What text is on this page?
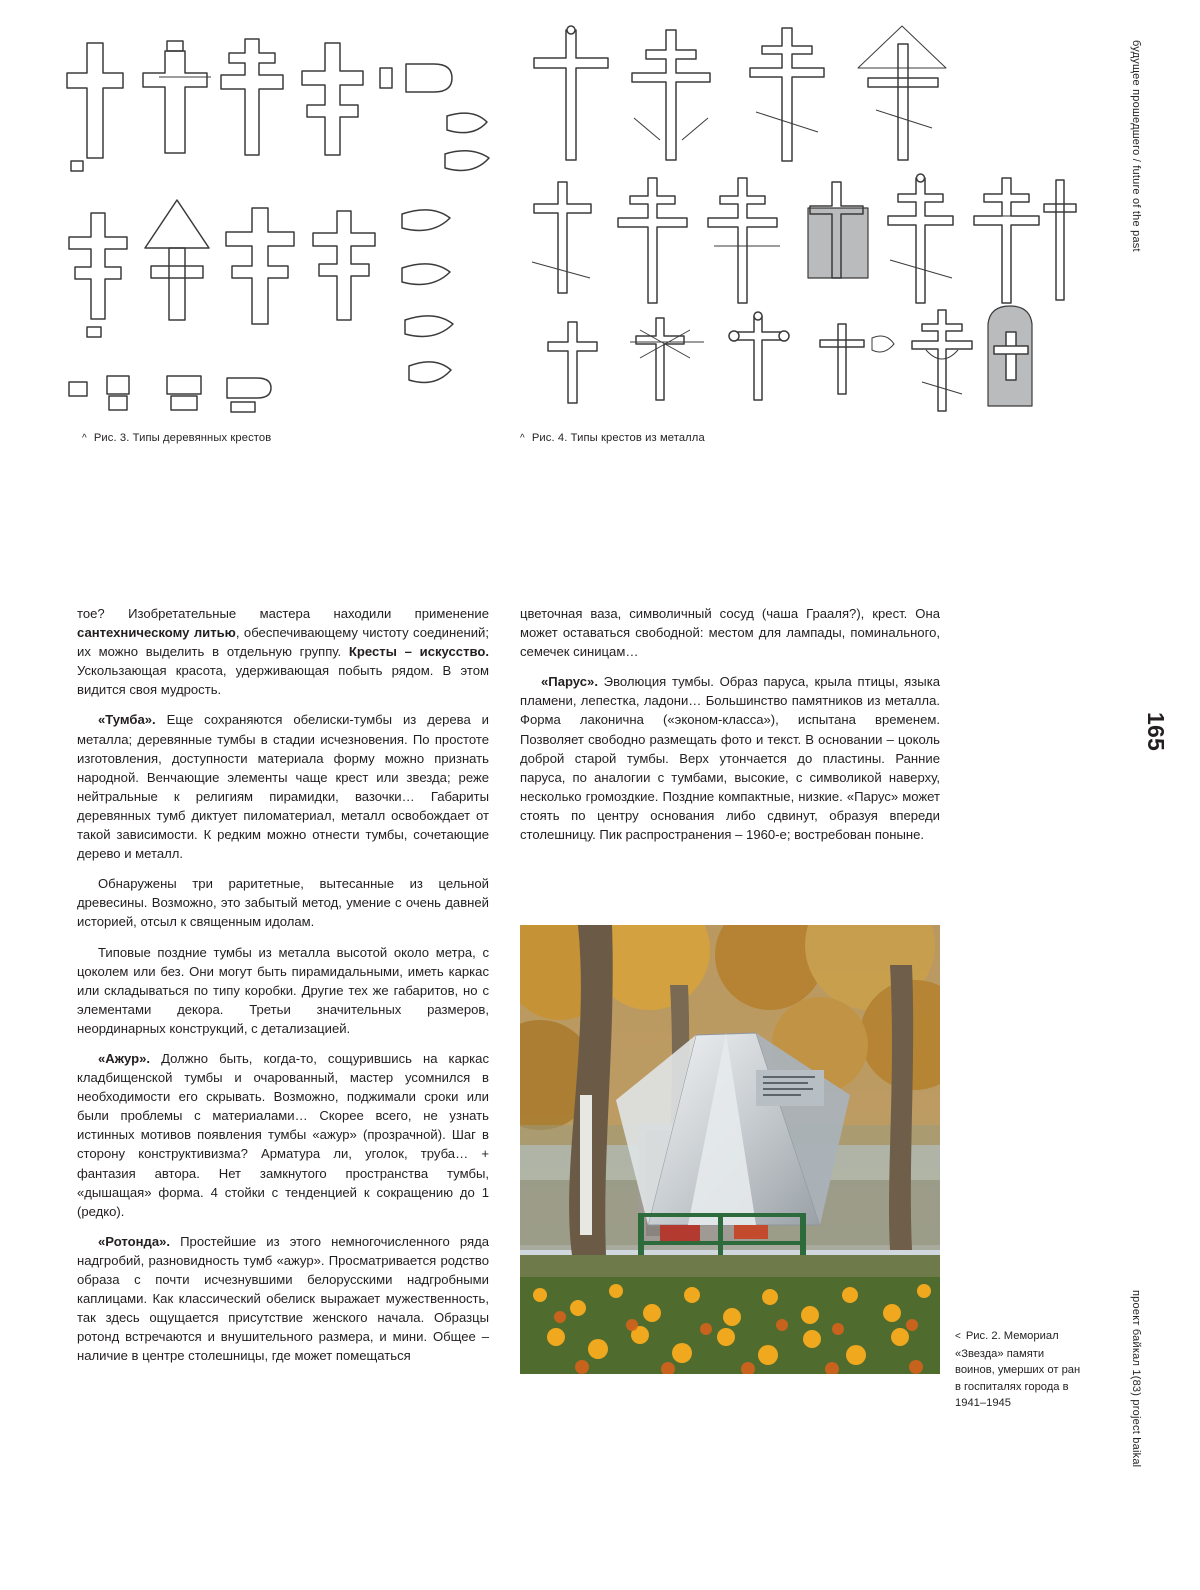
^ Рис. 3. Типы деревянных крестов	^ Рис. 4. Типы крестов из металла

тое? Изобретательные мастера находили применение сантехническому литью, обеспечивающему чистоту соединений; их можно выделить в отдельную группу. Кресты – искусство. Ускользающая красота, удерживающая побыть рядом. В этом видится своя мудрость.

«Тумба». Еще сохраняются обелиски-тумбы из дерева и металла; деревянные тумбы в стадии исчезновения. По простоте изготовления, доступности материала форму можно признать народной. Венчающие элементы чаще крест или звезда; реже нейтральные к религиям пирамидки, вазочки… Габариты деревянных тумб диктует пиломатериал, металл освобождает от такой зависимости. К редким можно отнести тумбы, сочетающие дерево и металл.

Обнаружены три раритетные, вытесанные из цельной древесины. Возможно, это забытый метод, умение с очень давней историей, отсыл к священным идолам.

Типовые поздние тумбы из металла высотой около метра, с цоколем или без. Они могут быть пирамидальными, иметь каркас или складываться по типу коробки. Другие тех же габаритов, но с элементами декора. Третьи значительных размеров, неординарных конструкций, с детализацией.

«Ажур». Должно быть, когда-то, сощурившись на каркас кладбищенской тумбы и очарованный, мастер усомнился в необходимости его скрывать. Возможно, поджимали сроки или были проблемы с материалами… Скорее всего, не узнать истинных мотивов появления тумбы «ажур» (прозрачной). Шаг в сторону конструктивизма? Арматура ли, уголок, труба… + фантазия автора. Нет замкнутого пространства тумбы, «дышащая» форма. 4 стойки с тенденцией к сокращению до 1 (редко).

«Ротонда». Простейшие из этого немногочисленного ряда надгробий, разновидность тумб «ажур». Просматривается родство образа с почти исчезнувшими белорусскими надгробными каплицами. Как классический обелиск выражает мужественность, так здесь ощущается присутствие женского начала. Образцы ротонд встречаются и внушительного размера, и мини. Общее – наличие в центре столешницы, где может помещаться

цветочная ваза, символичный сосуд (чаша Грааля?), крест. Она может оставаться свободной: местом для лампады, поминального, семечек синицам…

«Парус». Эволюция тумбы. Образ паруса, крыла птицы, языка пламени, лепестка, ладони… Большинство памятников из металла. Форма лаконична («эконом-класса»), испытана временем. Позволяет свободно размещать фото и текст. В основании – цоколь доброй старой тумбы. Верх утончается до пластины. Ранние паруса, по аналогии с тумбами, высокие, с символикой наверху, несколько громоздкие. Поздние компактные, низкие. «Парус» может стоять по центру основания либо сдвинут, образуя впереди столешницу. Пик распространения – 1960-е; востребован поныне.

< Рис. 2. Мемориал «Звезда» памяти воинов, умерших от ран в госпиталях города в 1941–1945
будущее прошедшего / future of the past
165
проект байкал 1(83) project baikal
